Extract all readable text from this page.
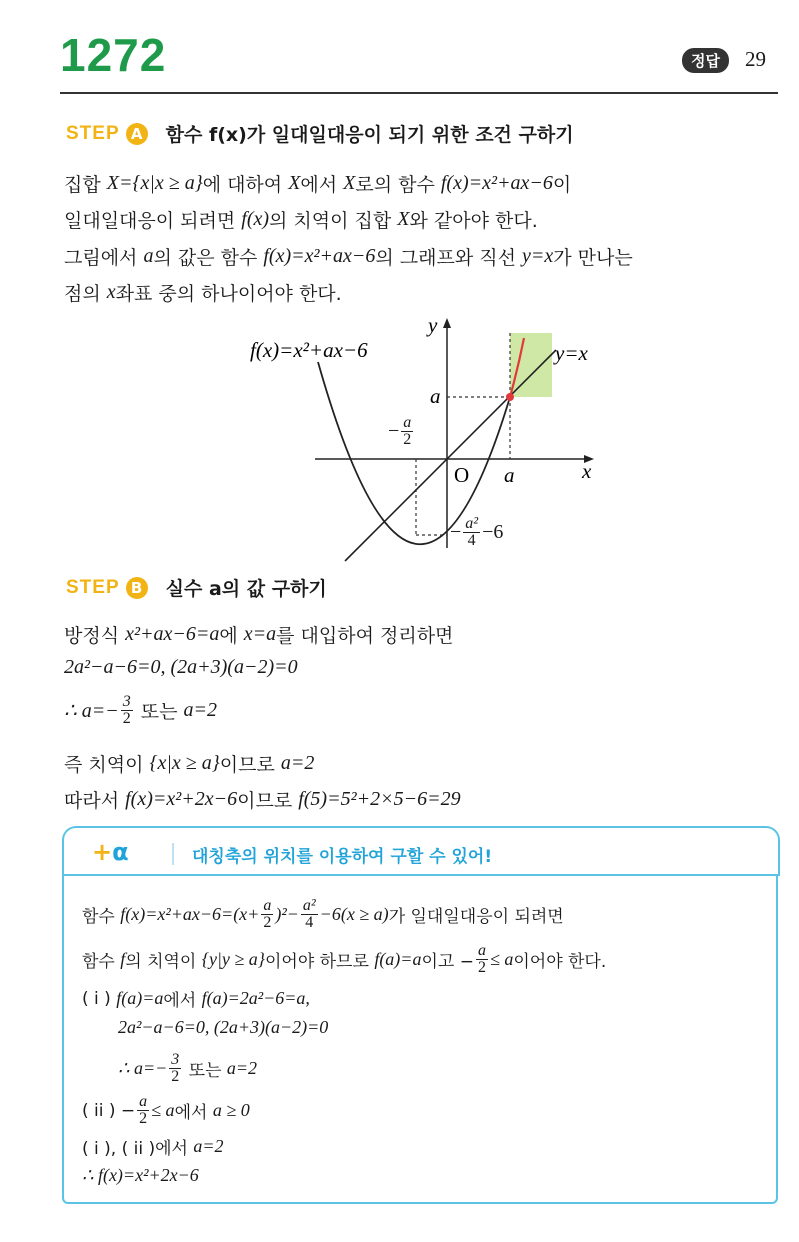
1272	정답	29
STEP A 함수 f(x)가 일대일대응이 되기 위한 조건 구하기
집합 X={x|x ≥ a} 에 대하여 X 에서 X 로의 함수 f(x)=x²+ax−6 이
일대일대응이 되려면 f(x) 의 치역이 집합 X 와 같아야 한다.
그림에서 a 의 값은 함수 f(x)=x²+ax−6 의 그래프와 직선 y=x 가 만나는
점의 x 좌표 중의 하나이어야 한다.
f(x)=x²+ax−6
y
x
y=x
a
O a
− $\frac{a}{2}$
− $\frac{\text{a²}}{4} -6$
STEP B 실수 a의 값 구하기
방정식 x²+ax−6=a 에 x=a 를 대입하여 정리하면
2a²−a−6=0, (2a+3)(a−2)=0
∴ $a=- \frac{3}{2}$ 또는 a=2
즉 치역이 {x|x ≥ a} 이므로 a=2
따라서 f(x)=x²+2x−6 이므로 f(5)=5²+2×5−6=29
+α	대칭축의 위치를 이용하여 구할 수 있어!
함수 $f(x)=x^2+ax-6=(x+ \frac{a}{2} )^2- \frac{\text{a²}}{4} -6(x \ge a)$ 가 일대일대응이 되려면
함수 f 의 치역이 {y|y ≥ a} 이어야 하므로 f(a)=a 이고 − $\frac{a}{2} \le a$ 이어야 한다.
( i ) f(a)=a 에서 f(a)=2a²−6=a,
2a²−a−6=0, (2a+3)(a−2)=0
∴ $a=- \frac{3}{2}$ 또는 a=2
( ii ) − $\frac{a}{2} \le a$ 에서 a ≥ 0
( i ), ( ii )에서 a=2
∴ f(x)=x²+2x−6
